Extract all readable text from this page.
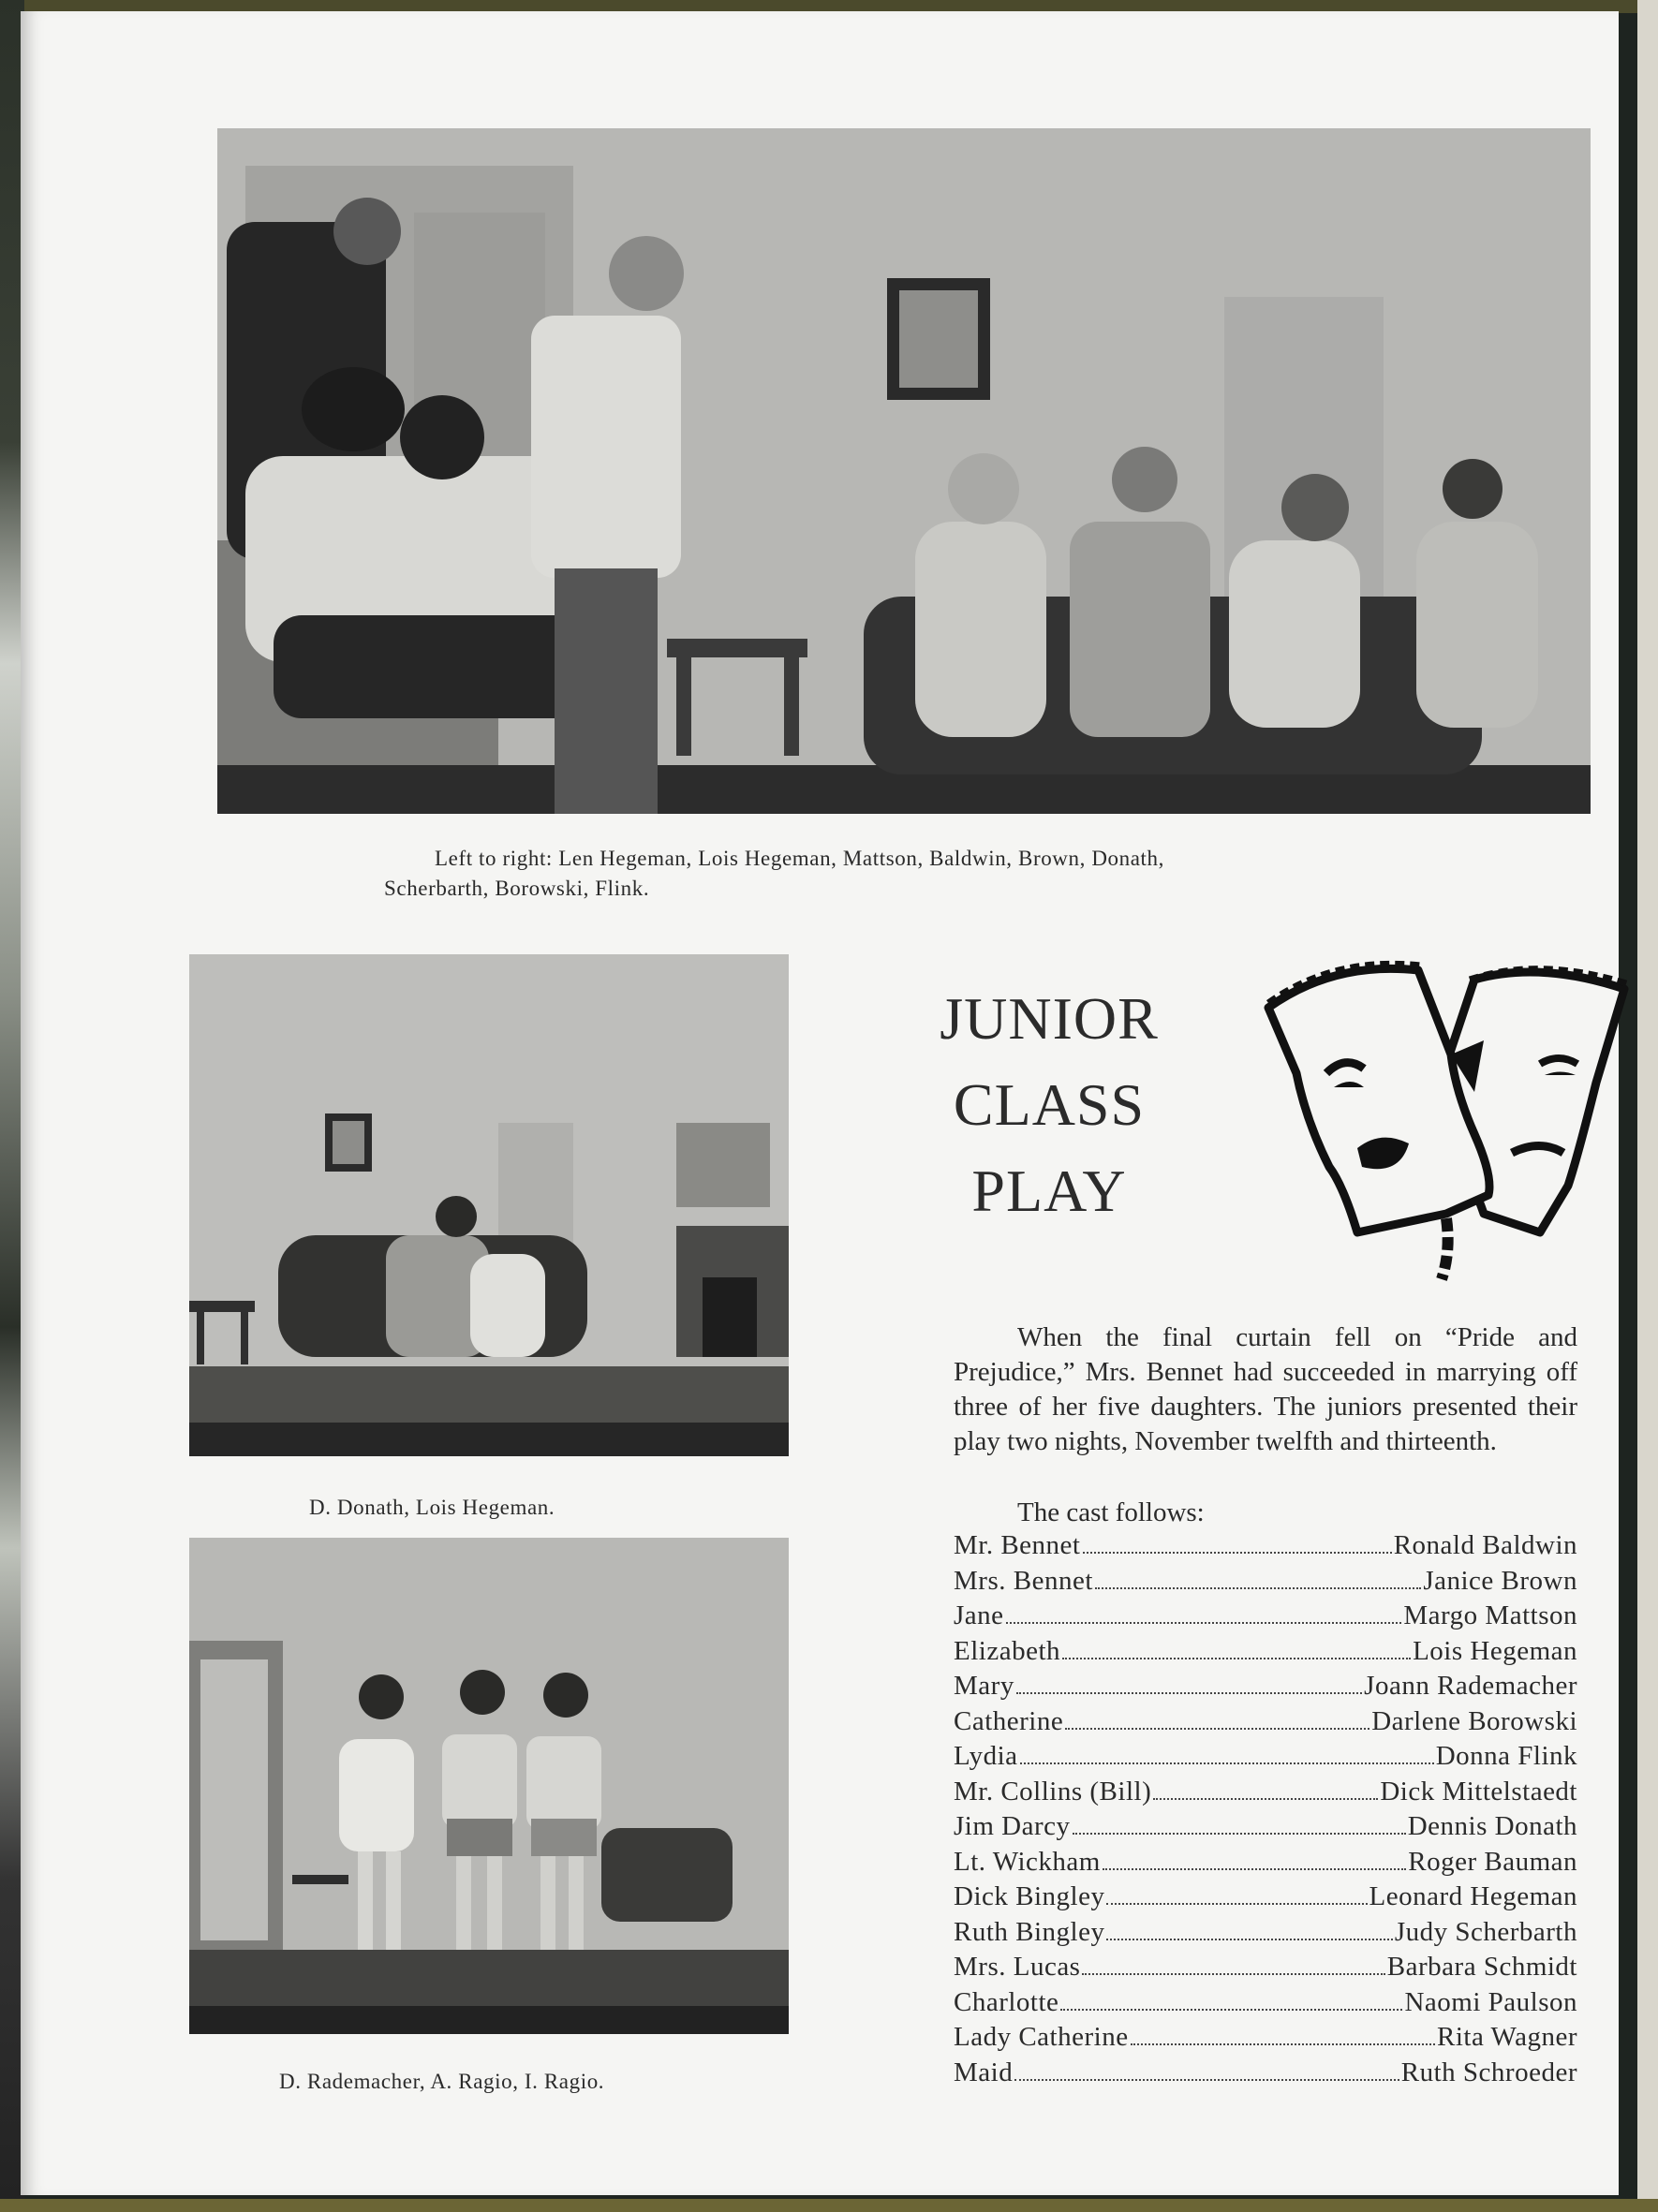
Left to right: Len Hegeman, Lois Hegeman, Mattson, Baldwin, Brown, Donath,
Scherbarth, Borowski, Flink.
D. Donath, Lois Hegeman.
D. Rademacher, A. Ragio, I. Ragio.
JUNIOR
CLASS
PLAY

When the final curtain fell on “Pride and Prejudice,” Mrs. Bennet had succeeded in marrying off three of her five daughters. The juniors presented their play two nights, November twelfth and thirteenth.

The cast follows:
Mr. Bennet	Ronald Baldwin
Mrs. Bennet	Janice Brown
Jane	Margo Mattson
Elizabeth	Lois Hegeman
Mary	Joann Rademacher
Catherine	Darlene Borowski
Lydia	Donna Flink
Mr. Collins (Bill)	Dick Mittelstaedt
Jim Darcy	Dennis Donath
Lt. Wickham	Roger Bauman
Dick Bingley	Leonard Hegeman
Ruth Bingley	Judy Scherbarth
Mrs. Lucas	Barbara Schmidt
Charlotte	Naomi Paulson
Lady Catherine	Rita Wagner
Maid	Ruth Schroeder
